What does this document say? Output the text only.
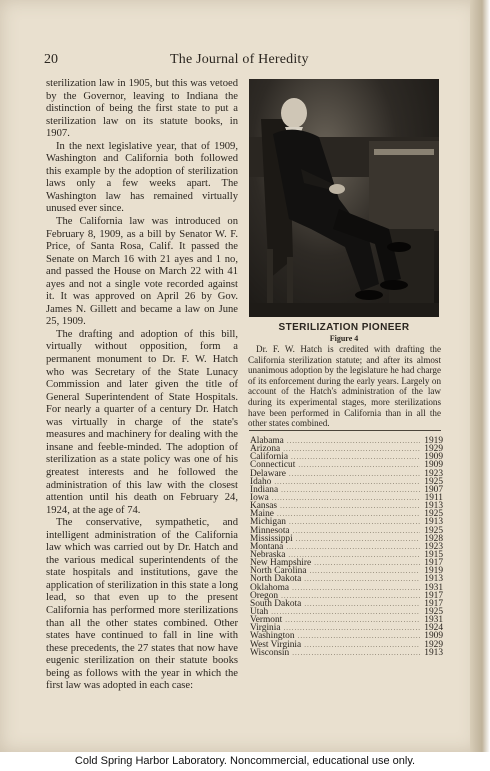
20	The Journal of Heredity

sterilization law in 1905, but this was vetoed by the Governor, leaving to Indiana the distinction of being the first state to put a sterilization law on its statute books, in 1907.

In the next legislative year, that of 1909, Washington and California both followed this example by the adoption of sterilization laws only a few weeks apart. The Washington law has remained virtually unused ever since.

The California law was introduced on February 8, 1909, as a bill by Senator W. F. Price, of Santa Rosa, Calif. It passed the Senate on March 16 with 21 ayes and 1 no, and passed the House on March 22 with 41 ayes and not a single vote recorded against it. It was approved on April 26 by Gov. James N. Gillett and became a law on June 25, 1909.

The drafting and adoption of this bill, virtually without opposition, form a permanent monument to Dr. F. W. Hatch who was Secretary of the State Lunacy Commission and later given the title of General Superintendent of State Hospitals. For nearly a quarter of a century Dr. Hatch was virtually in charge of the state's measures and machinery for dealing with the insane and feeble-minded. The adoption of sterilization as a state policy was one of his greatest interests and he followed the administration of this law with the closest attention until his death on February 24, 1924, at the age of 74.

The conservative, sympathetic, and intelligent administration of the California law which was carried out by Dr. Hatch and the various medical superintendents of the state hospitals and institutions, gave the application of sterilization in this state a long lead, so that even up to the present California has performed more sterilizations than all the other states combined. Other states have continued to fall in line with these precedents, the 27 states that now have eugenic sterilization on their statute books being as follows with the year in which the first law was adopted in each case:

STERILIZATION PIONEER
Figure 4
Dr. F. W. Hatch is credited with drafting the California sterilization statute; and after its almost unanimous adoption by the legislature he had charge of its enforcement during the early years. Largely on account of the Hatch's administration of the law during its experimental stages, more sterilizations have been performed in California than in all the other states combined.
Alabama .....	1919
Arizona .....	1929
California .....	1909
Connecticut .....	1909
Delaware .....	1923
Idaho .....	1925
Indiana .....	1907
Iowa .....	1911
Kansas .....	1913
Maine .....	1925
Michigan .....	1913
Minnesota .....	1925
Mississippi .....	1928
Montana .....	1923
Nebraska .....	1915
New Hampshire .....	1917
North Carolina .....	1919
North Dakota .....	1913
Oklahoma .....	1931
Oregon .....	1917
South Dakota .....	1917
Utah .....	1925
Vermont .....	1931
Virginia .....	1924
Washington .....	1909
West Virginia .....	1929
Wisconsin .....	1913
Cold Spring Harbor Laboratory. Noncommercial, educational use only.
